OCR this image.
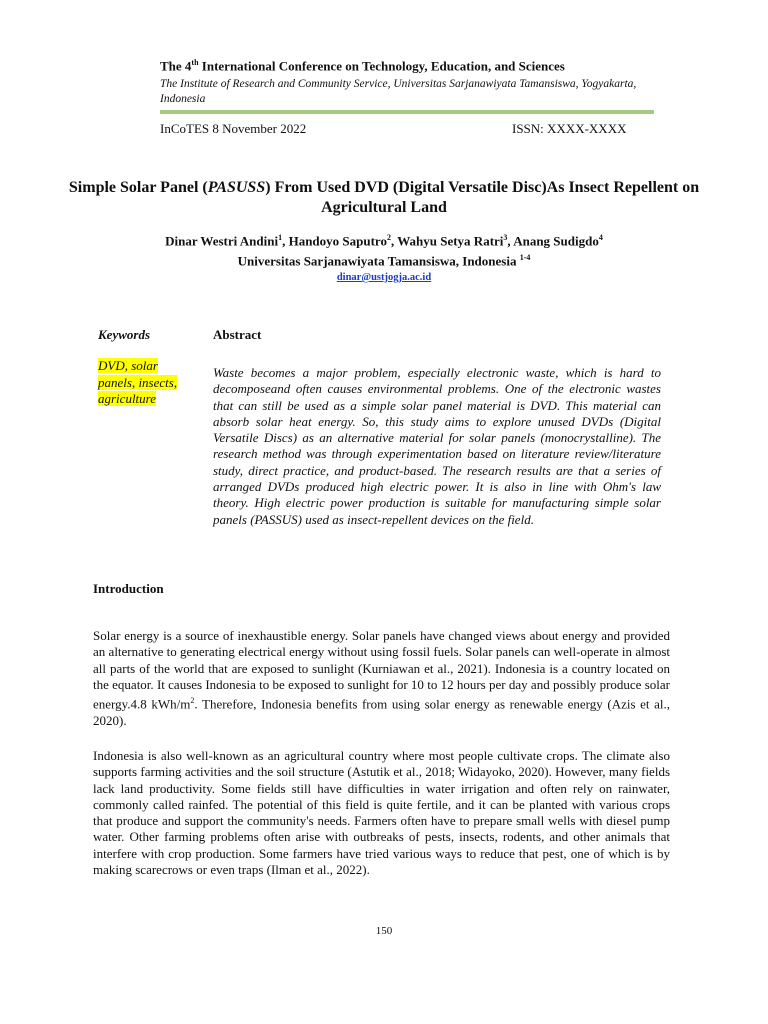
The 4th International Conference on Technology, Education, and Sciences
The Institute of Research and Community Service, Universitas Sarjanawiyata Tamansiswa, Yogyakarta, Indonesia
InCoTES 8 November 2022	ISSN: XXXX-XXXX
Simple Solar Panel (PASUSS) From Used DVD (Digital Versatile Disc)As Insect Repellent on Agricultural Land
Dinar Westri Andini$^1$, Handoyo Saputro$^2$, Wahyu Setya Ratri$^3$, Anang Sudigdo$^4$
Universitas Sarjanawiyata Tamansiswa, Indonesia $^{1-4}$
dinar@ustjogja.ac.id
Keywords	Abstract
DVD, solar panels, insects, agriculture
Waste becomes a major problem, especially electronic waste, which is hard to decomposeand often causes environmental problems. One of the electronic wastes that can still be used as a simple solar panel material is DVD. This material can absorb solar heat energy. So, this study aims to explore unused DVDs (Digital Versatile Discs) as an alternative material for solar panels (monocrystalline). The research method was through experimentation based on literature review/literature study, direct practice, and product-based. The research results are that a series of arranged DVDs produced high electric power. It is also in line with Ohm's law theory. High electric power production is suitable for manufacturing simple solar panels (PASSUS) used as insect-repellent devices on the field.
Introduction
Solar energy is a source of inexhaustible energy. Solar panels have changed views about energy and provided an alternative to generating electrical energy without using fossil fuels. Solar panels can well-operate in almost all parts of the world that are exposed to sunlight (Kurniawan et al., 2021). Indonesia is a country located on the equator. It causes Indonesia to be exposed to sunlight for 10 to 12 hours per day and possibly produce solar energy.4.8 kWh/$m^2$. Therefore, Indonesia benefits from using solar energy as renewable energy (Azis et al., 2020).
Indonesia is also well-known as an agricultural country where most people cultivate crops. The climate also supports farming activities and the soil structure (Astutik et al., 2018; Widayoko, 2020). However, many fields lack land productivity. Some fields still have difficulties in water irrigation and often rely on rainwater, commonly called rainfed. The potential of this field is quite fertile, and it can be planted with various crops that produce and support the community's needs. Farmers often have to prepare small wells with diesel pump water. Other farming problems often arise with outbreaks of pests, insects, rodents, and other animals that interfere with crop production. Some farmers have tried various ways to reduce that pest, one of which is by making scarecrows or even traps (Ilman et al., 2022).
150
